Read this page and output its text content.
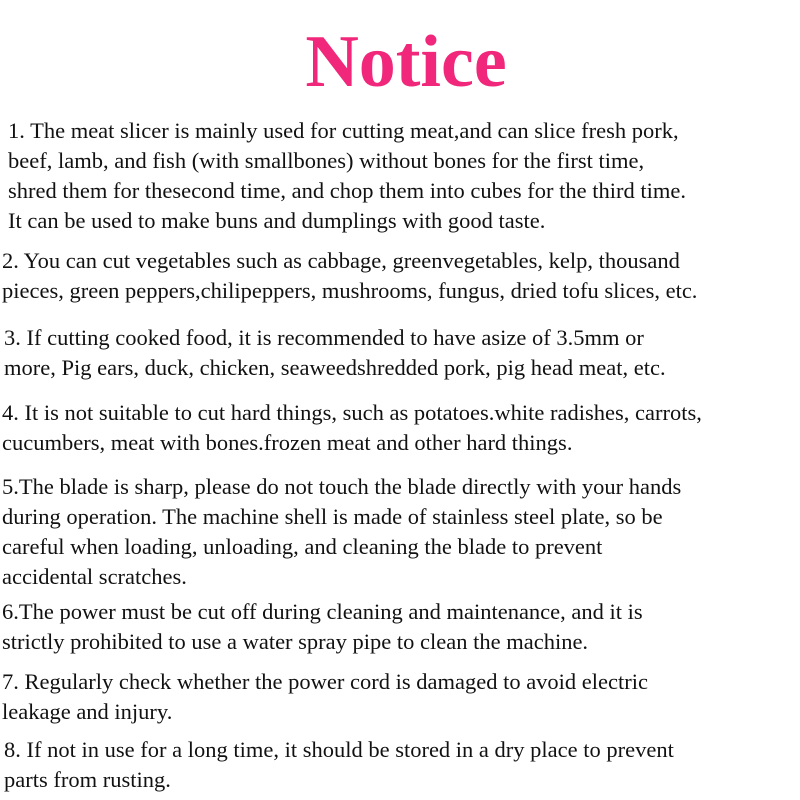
Notice

1. The meat slicer is mainly used for cutting meat,and can slice fresh pork,
beef, lamb, and fish (with smallbones) without bones for the first time,
shred them for thesecond time, and chop them into cubes for the third time.
It can be used to make buns and dumplings with good taste.

2. You can cut vegetables such as cabbage, greenvegetables, kelp, thousand
pieces, green peppers,chilipeppers, mushrooms, fungus, dried tofu slices, etc.

3. If cutting cooked food, it is recommended to have asize of 3.5mm or
more, Pig ears, duck, chicken, seaweedshredded pork, pig head meat, etc.

4. It is not suitable to cut hard things, such as potatoes.white radishes, carrots,
cucumbers, meat with bones.frozen meat and other hard things.

5.The blade is sharp, please do not touch the blade directly with your hands
during operation. The machine shell is made of stainless steel plate, so be
careful when loading, unloading, and cleaning the blade to prevent
accidental scratches.

6.The power must be cut off during cleaning and maintenance, and it is
strictly prohibited to use a water spray pipe to clean the machine.

7. Regularly check whether the power cord is damaged to avoid electric
leakage and injury.

8. If not in use for a long time, it should be stored in a dry place to prevent
parts from rusting.
